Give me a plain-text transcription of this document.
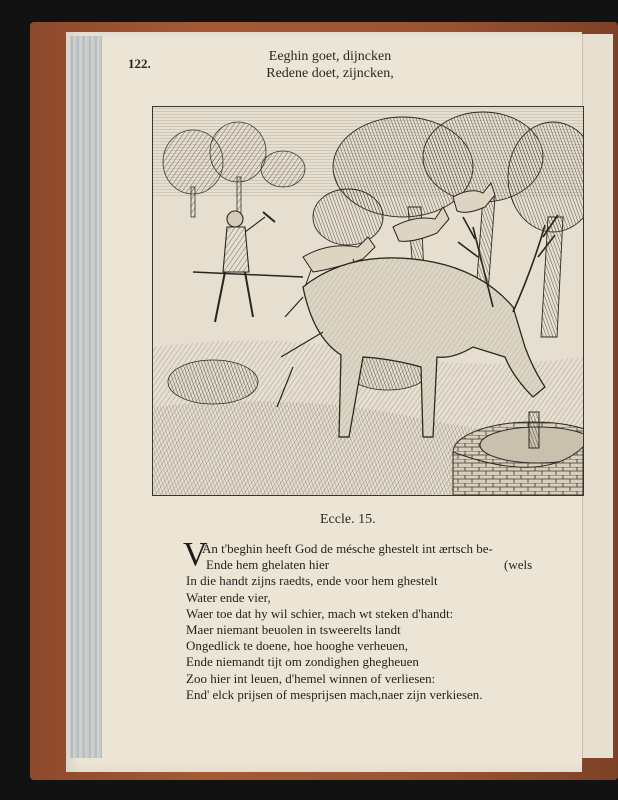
122.	Eeghin goet, dijncken
Redene doet, zijncken,
Eccle. 15.
V
An t'beghin heeft God de mésche ghestelt int ærtsch be-
Ende hem ghelaten hier	(wels
In die handt zijns raedts, ende voor hem ghestelt
Water ende vier,
Waer toe dat hy wil schier, mach wt steken d'handt:
Maer niemant beuolen in tsweerelts landt
Ongedlick te doene, hoe hooghe verheuen,
Ende niemandt tijt om zondighen ghegheuen
Zoo hier int leuen, d'hemel winnen of verliesen:
End' elck prijsen of mesprijsen mach,naer zijn verkiesen.
